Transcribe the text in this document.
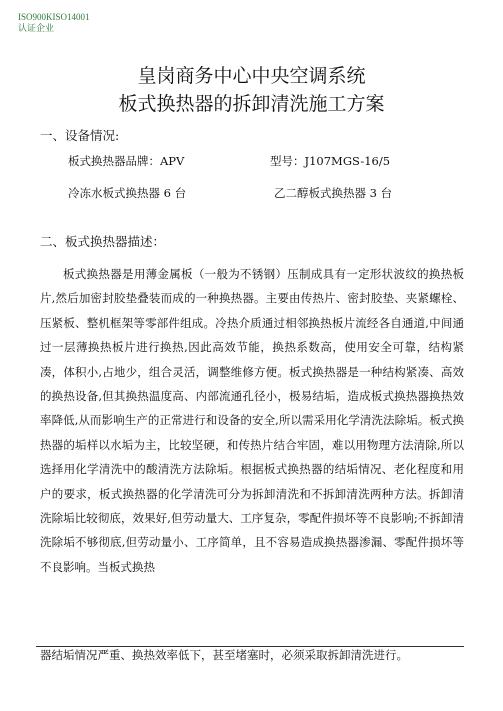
ISO900KISO14001
认证企业
皇岗商务中心中央空调系统
板式换热器的拆卸清洗施工方案
一、设备情况:
板式换热器品牌：APV	型号：J107MGS-16/5
冷冻水板式换热器 6 台	乙二醇板式换热器 3 台
二、板式换热器描述：

板式换热器是用薄金属板（一般为不锈钢）压制成具有一定形状波纹的换热板片,然后加密封胶垫叠装而成的一种换热器。主要由传热片、密封胶垫、夹紧螺栓、压紧板、整机框架等零部件组成。冷热介质通过相邻换热板片流经各自通道,中间通过一层薄换热板片进行换热,因此高效节能，换热系数高，使用安全可靠，结构紧凑，体积小,占地少，组合灵活，调整维修方便。板式换热器是一种结构紧凑、高效的换热设备,但其换热温度高、内部流通孔径小，极易结垢，造成板式换热器换热效率降低,从而影响生产的正常进行和设备的安全,所以需采用化学清洗法除垢。板式换热器的垢样以水垢为主，比较坚硬，和传热片结合牢固，难以用物理方法清除,所以选择用化学清洗中的酸清洗方法除垢。根据板式换热器的结垢情况、老化程度和用户的要求，板式换热器的化学清洗可分为拆卸清洗和不拆卸清洗两种方法。拆卸清洗除垢比较彻底，效果好,但劳动量大、工序复杂，零配件损坏等不良影响;不拆卸清洗除垢不够彻底,但劳动量小、工序简单，且不容易造成换热器渗漏、零配件损坏等不良影响。当板式换热

器结垢情况严重、换热效率低下，甚至堵塞时，必须采取拆卸清洗进行。
